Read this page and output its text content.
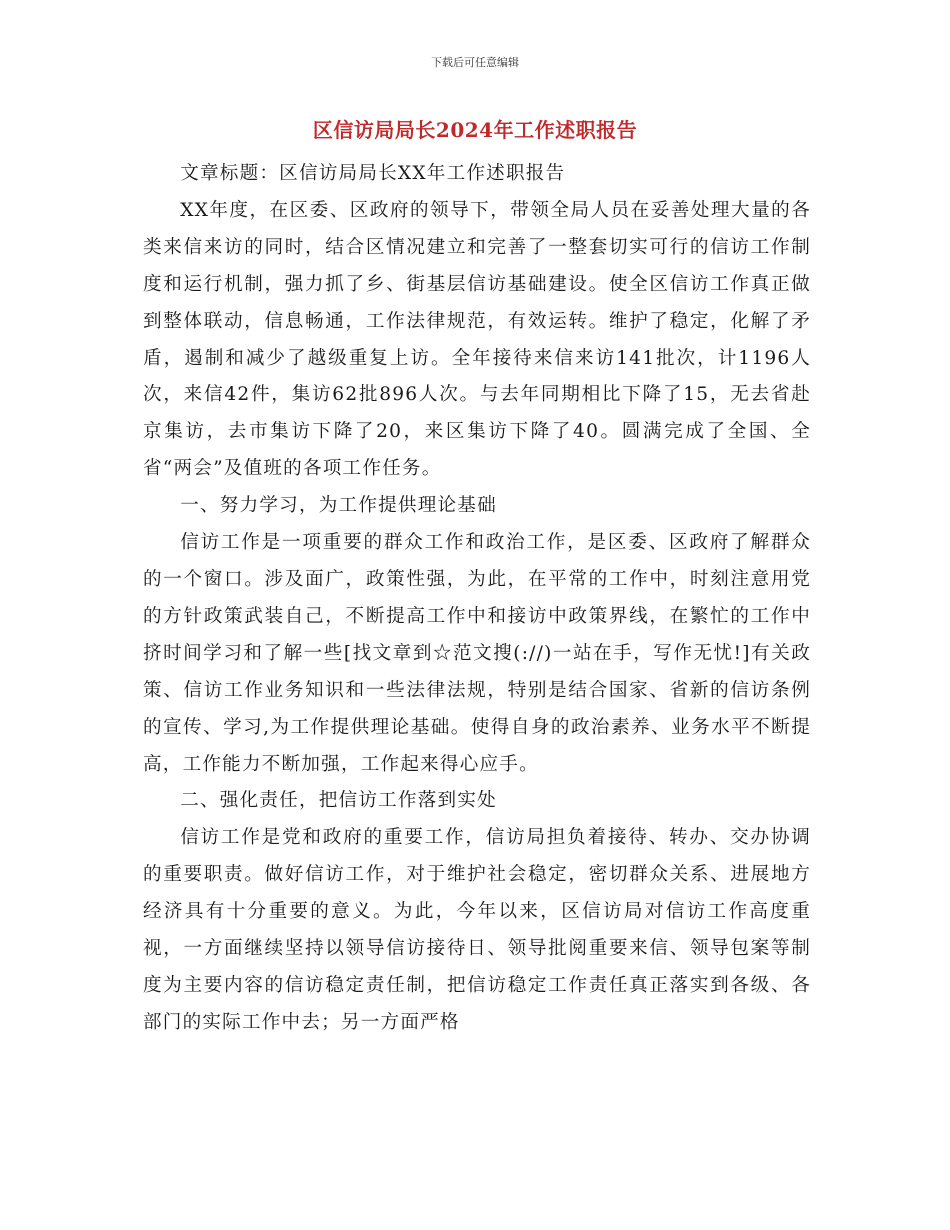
下载后可任意编辑
区信访局局长2024年工作述职报告

文章标题：区信访局局长XX年工作述职报告

XX年度，在区委、区政府的领导下，带领全局人员在妥善处理大量的各类来信来访的同时，结合区情况建立和完善了一整套切实可行的信访工作制度和运行机制，强力抓了乡、街基层信访基础建设。使全区信访工作真正做到整体联动，信息畅通，工作法律规范，有效运转。维护了稳定，化解了矛盾，遏制和减少了越级重复上访。全年接待来信来访141批次，计1196人次，来信42件，集访62批896人次。与去年同期相比下降了15，无去省赴京集访，去市集访下降了20，来区集访下降了40。圆满完成了全国、全省“两会”及值班的各项工作任务。

一、努力学习，为工作提供理论基础

信访工作是一项重要的群众工作和政治工作，是区委、区政府了解群众的一个窗口。涉及面广，政策性强，为此，在平常的工作中，时刻注意用党的方针政策武装自己，不断提高工作中和接访中政策界线，在繁忙的工作中挤时间学习和了解一些[找文章到☆范文搜(://)一站在手，写作无忧!]有关政策、信访工作业务知识和一些法律法规，特别是结合国家、省新的信访条例的宣传、学习,为工作提供理论基础。使得自身的政治素养、业务水平不断提高，工作能力不断加强，工作起来得心应手。

二、强化责任，把信访工作落到实处

信访工作是党和政府的重要工作，信访局担负着接待、转办、交办协调的重要职责。做好信访工作，对于维护社会稳定，密切群众关系、进展地方经济具有十分重要的意义。为此，今年以来，区信访局对信访工作高度重视，一方面继续坚持以领导信访接待日、领导批阅重要来信、领导包案等制度为主要内容的信访稳定责任制，把信访稳定工作责任真正落实到各级、各部门的实际工作中去；另一方面严格
